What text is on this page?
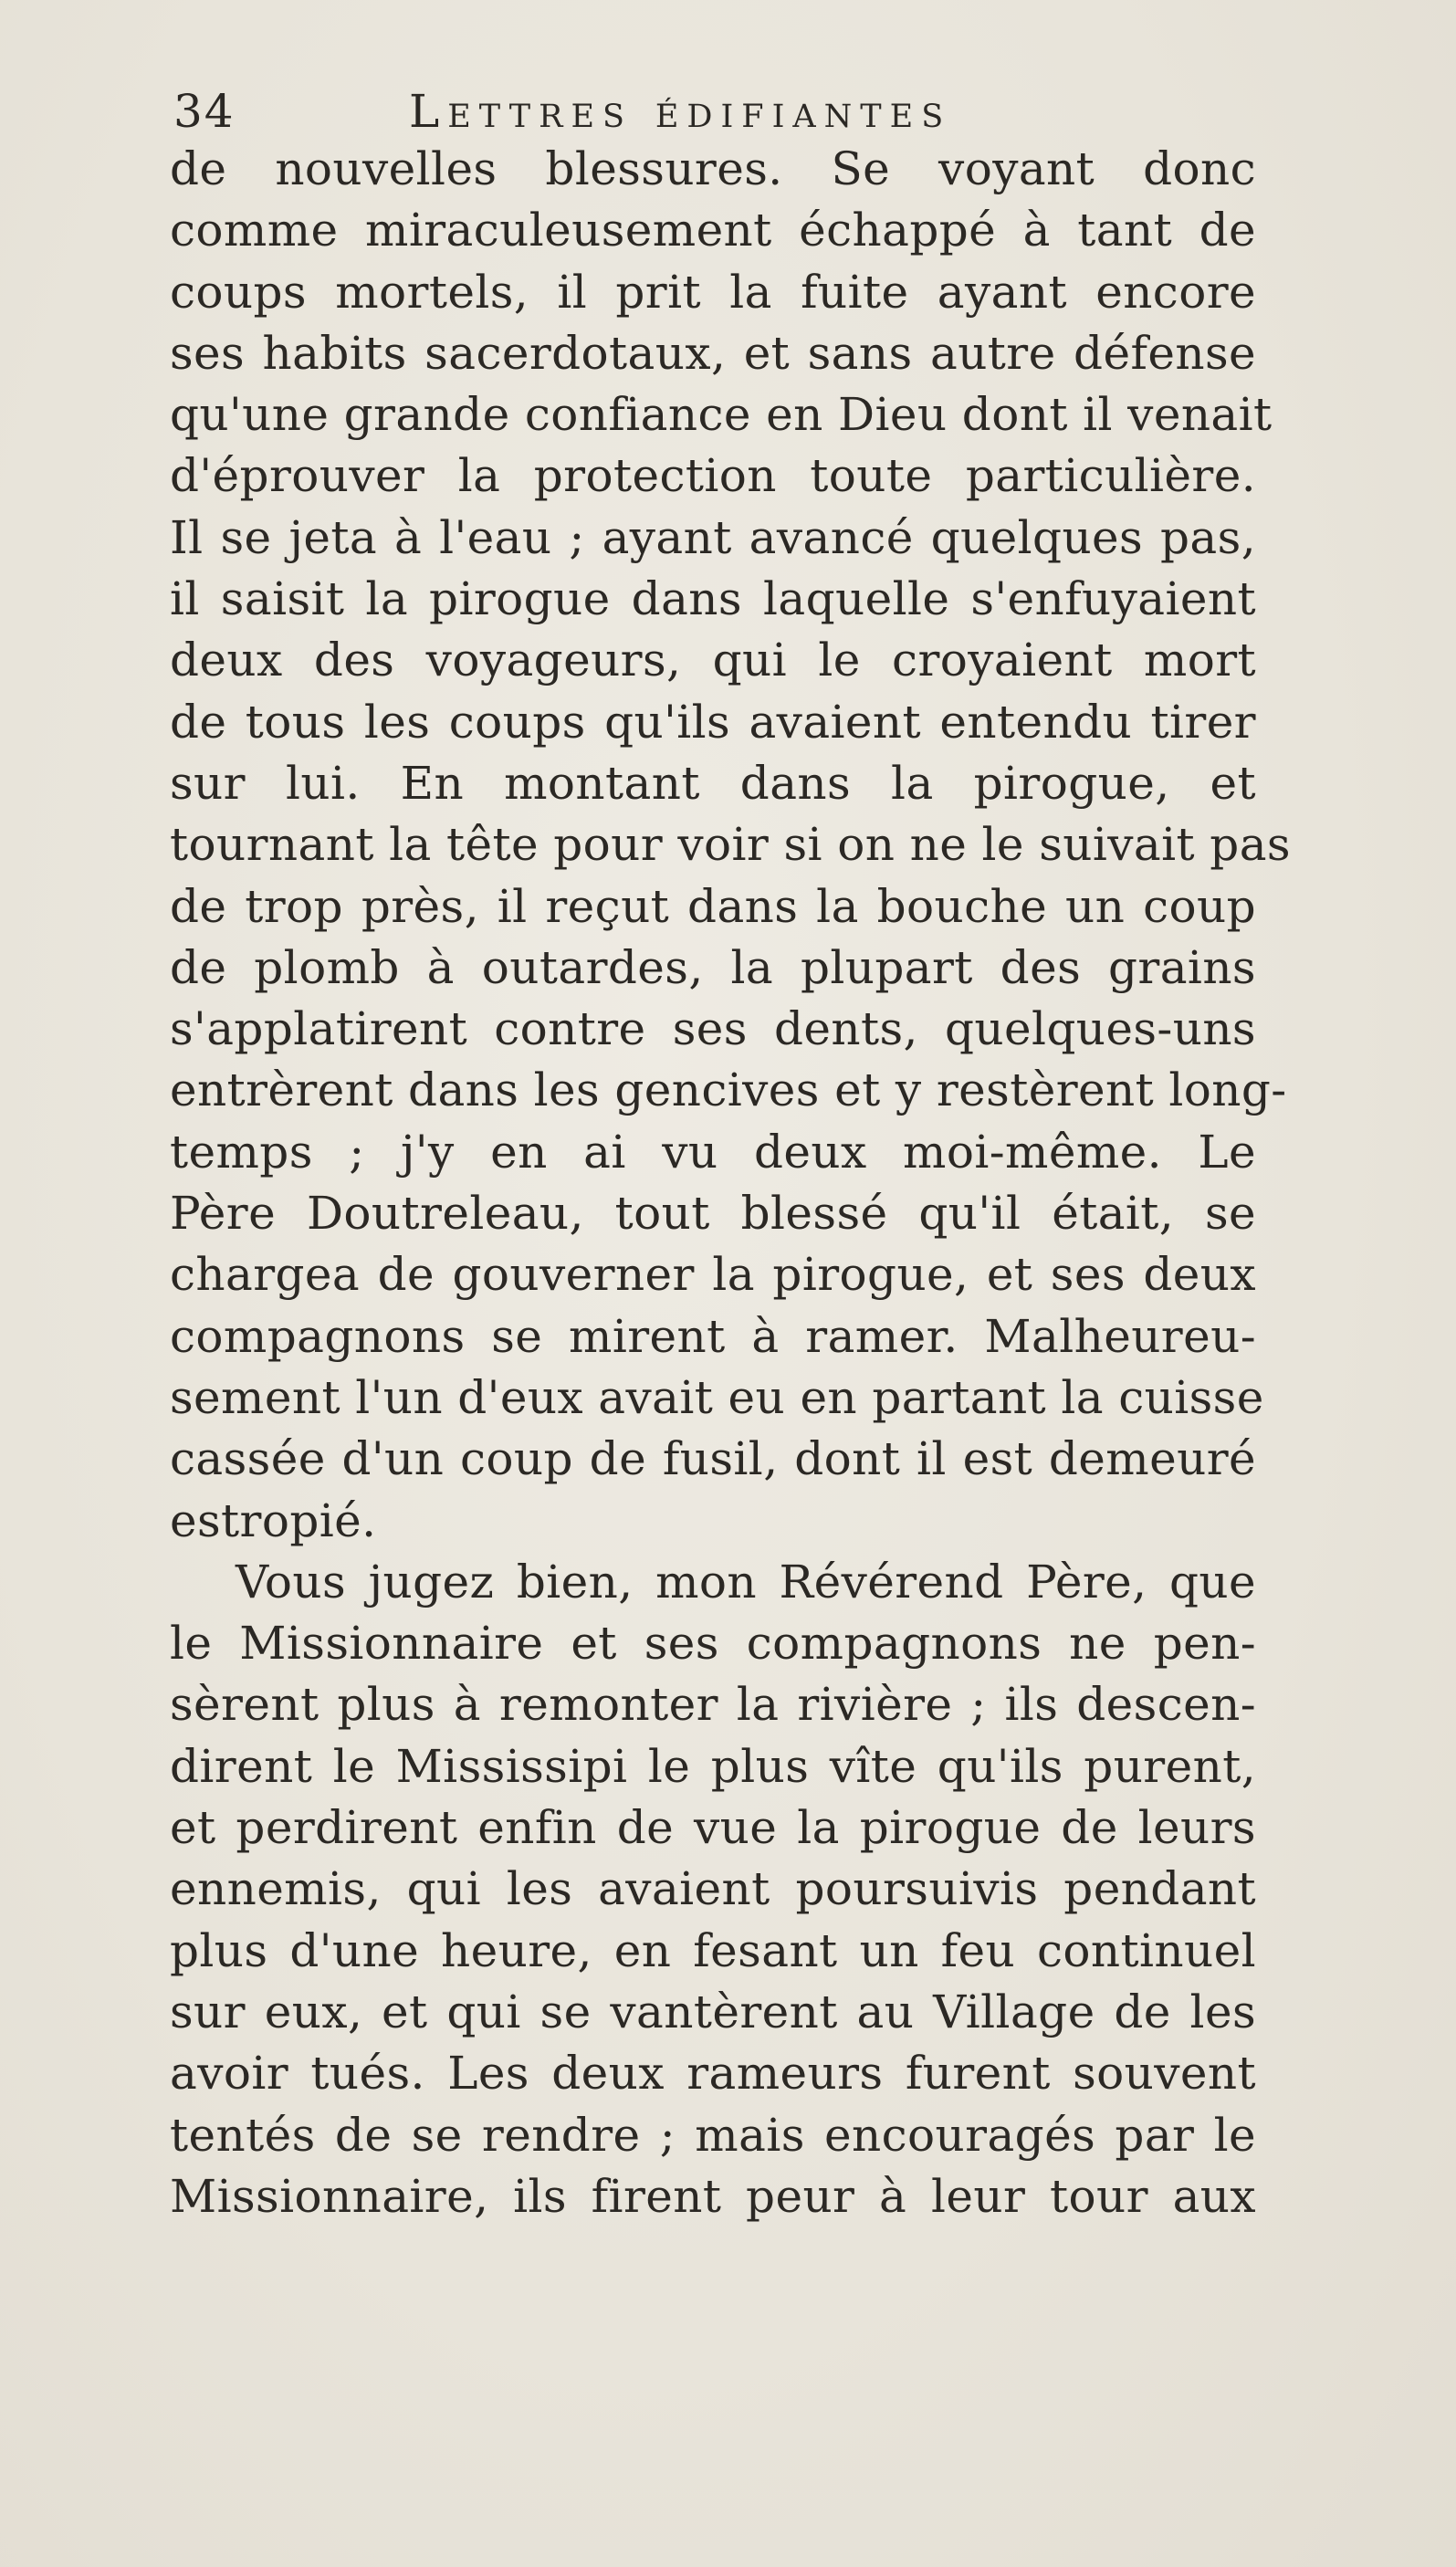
34	Lettres édifiantes
de nouvelles blessures. Se voyant donc
comme miraculeusement échappé à tant de
coups mortels, il prit la fuite ayant encore
ses habits sacerdotaux, et sans autre défense
qu'une grande confiance en Dieu dont il venait
d'éprouver la protection toute particulière.
Il se jeta à l'eau ; ayant avancé quelques pas,
il saisit la pirogue dans laquelle s'enfuyaient
deux des voyageurs, qui le croyaient mort
de tous les coups qu'ils avaient entendu tirer
sur lui. En montant dans la pirogue, et
tournant la tête pour voir si on ne le suivait pas
de trop près, il reçut dans la bouche un coup
de plomb à outardes, la plupart des grains
s'applatirent contre ses dents, quelques-uns
entrèrent dans les gencives et y restèrent long-
temps ; j'y en ai vu deux moi-même. Le
Père Doutreleau, tout blessé qu'il était, se
chargea de gouverner la pirogue, et ses deux
compagnons se mirent à ramer. Malheureu-
sement l'un d'eux avait eu en partant la cuisse
cassée d'un coup de fusil, dont il est demeuré
estropié.
Vous jugez bien, mon Révérend Père, que
le Missionnaire et ses compagnons ne pen-
sèrent plus à remonter la rivière ; ils descen-
dirent le Mississipi le plus vîte qu'ils purent,
et perdirent enfin de vue la pirogue de leurs
ennemis, qui les avaient poursuivis pendant
plus d'une heure, en fesant un feu continuel
sur eux, et qui se vantèrent au Village de les
avoir tués. Les deux rameurs furent souvent
tentés de se rendre ; mais encouragés par le
Missionnaire, ils firent peur à leur tour aux
